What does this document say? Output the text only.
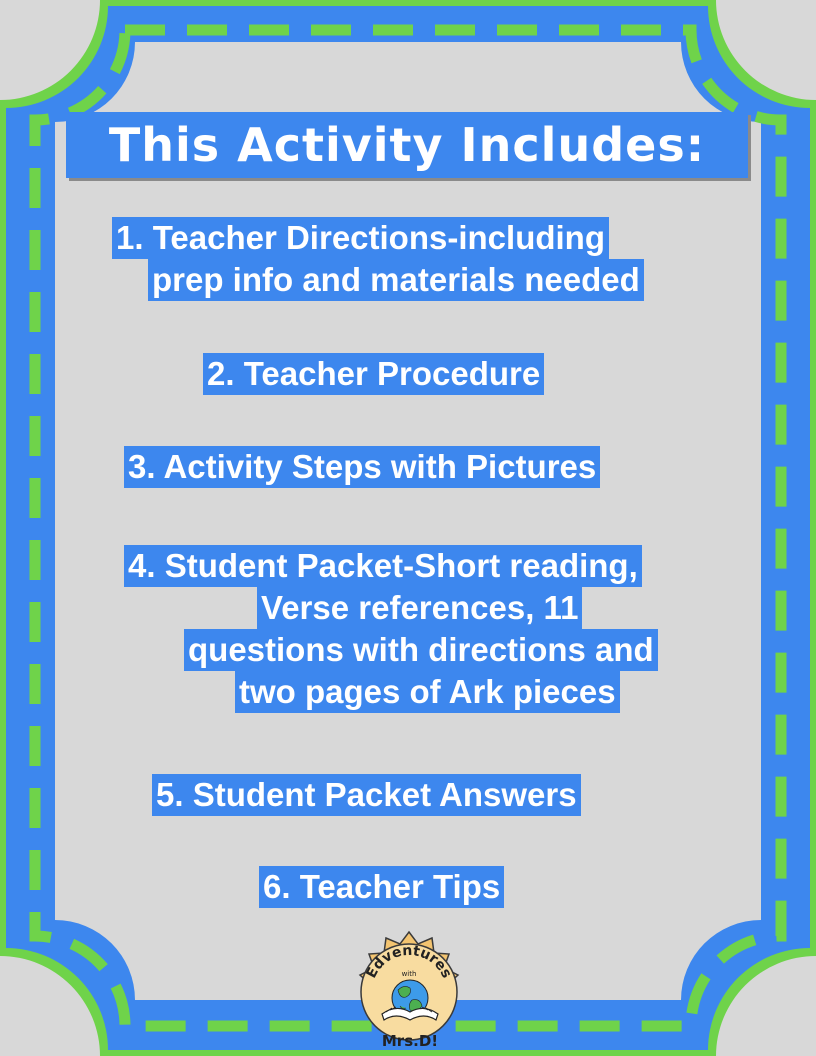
This Activity Includes:
1. Teacher Directions-including
prep info and materials needed
2. Teacher Procedure
3. Activity Steps with Pictures
4. Student Packet-Short reading,
Verse references, 11
questions with directions and
two pages of Ark pieces
5. Student Packet Answers
6. Teacher Tips
Edventures
with
Mrs.D!
